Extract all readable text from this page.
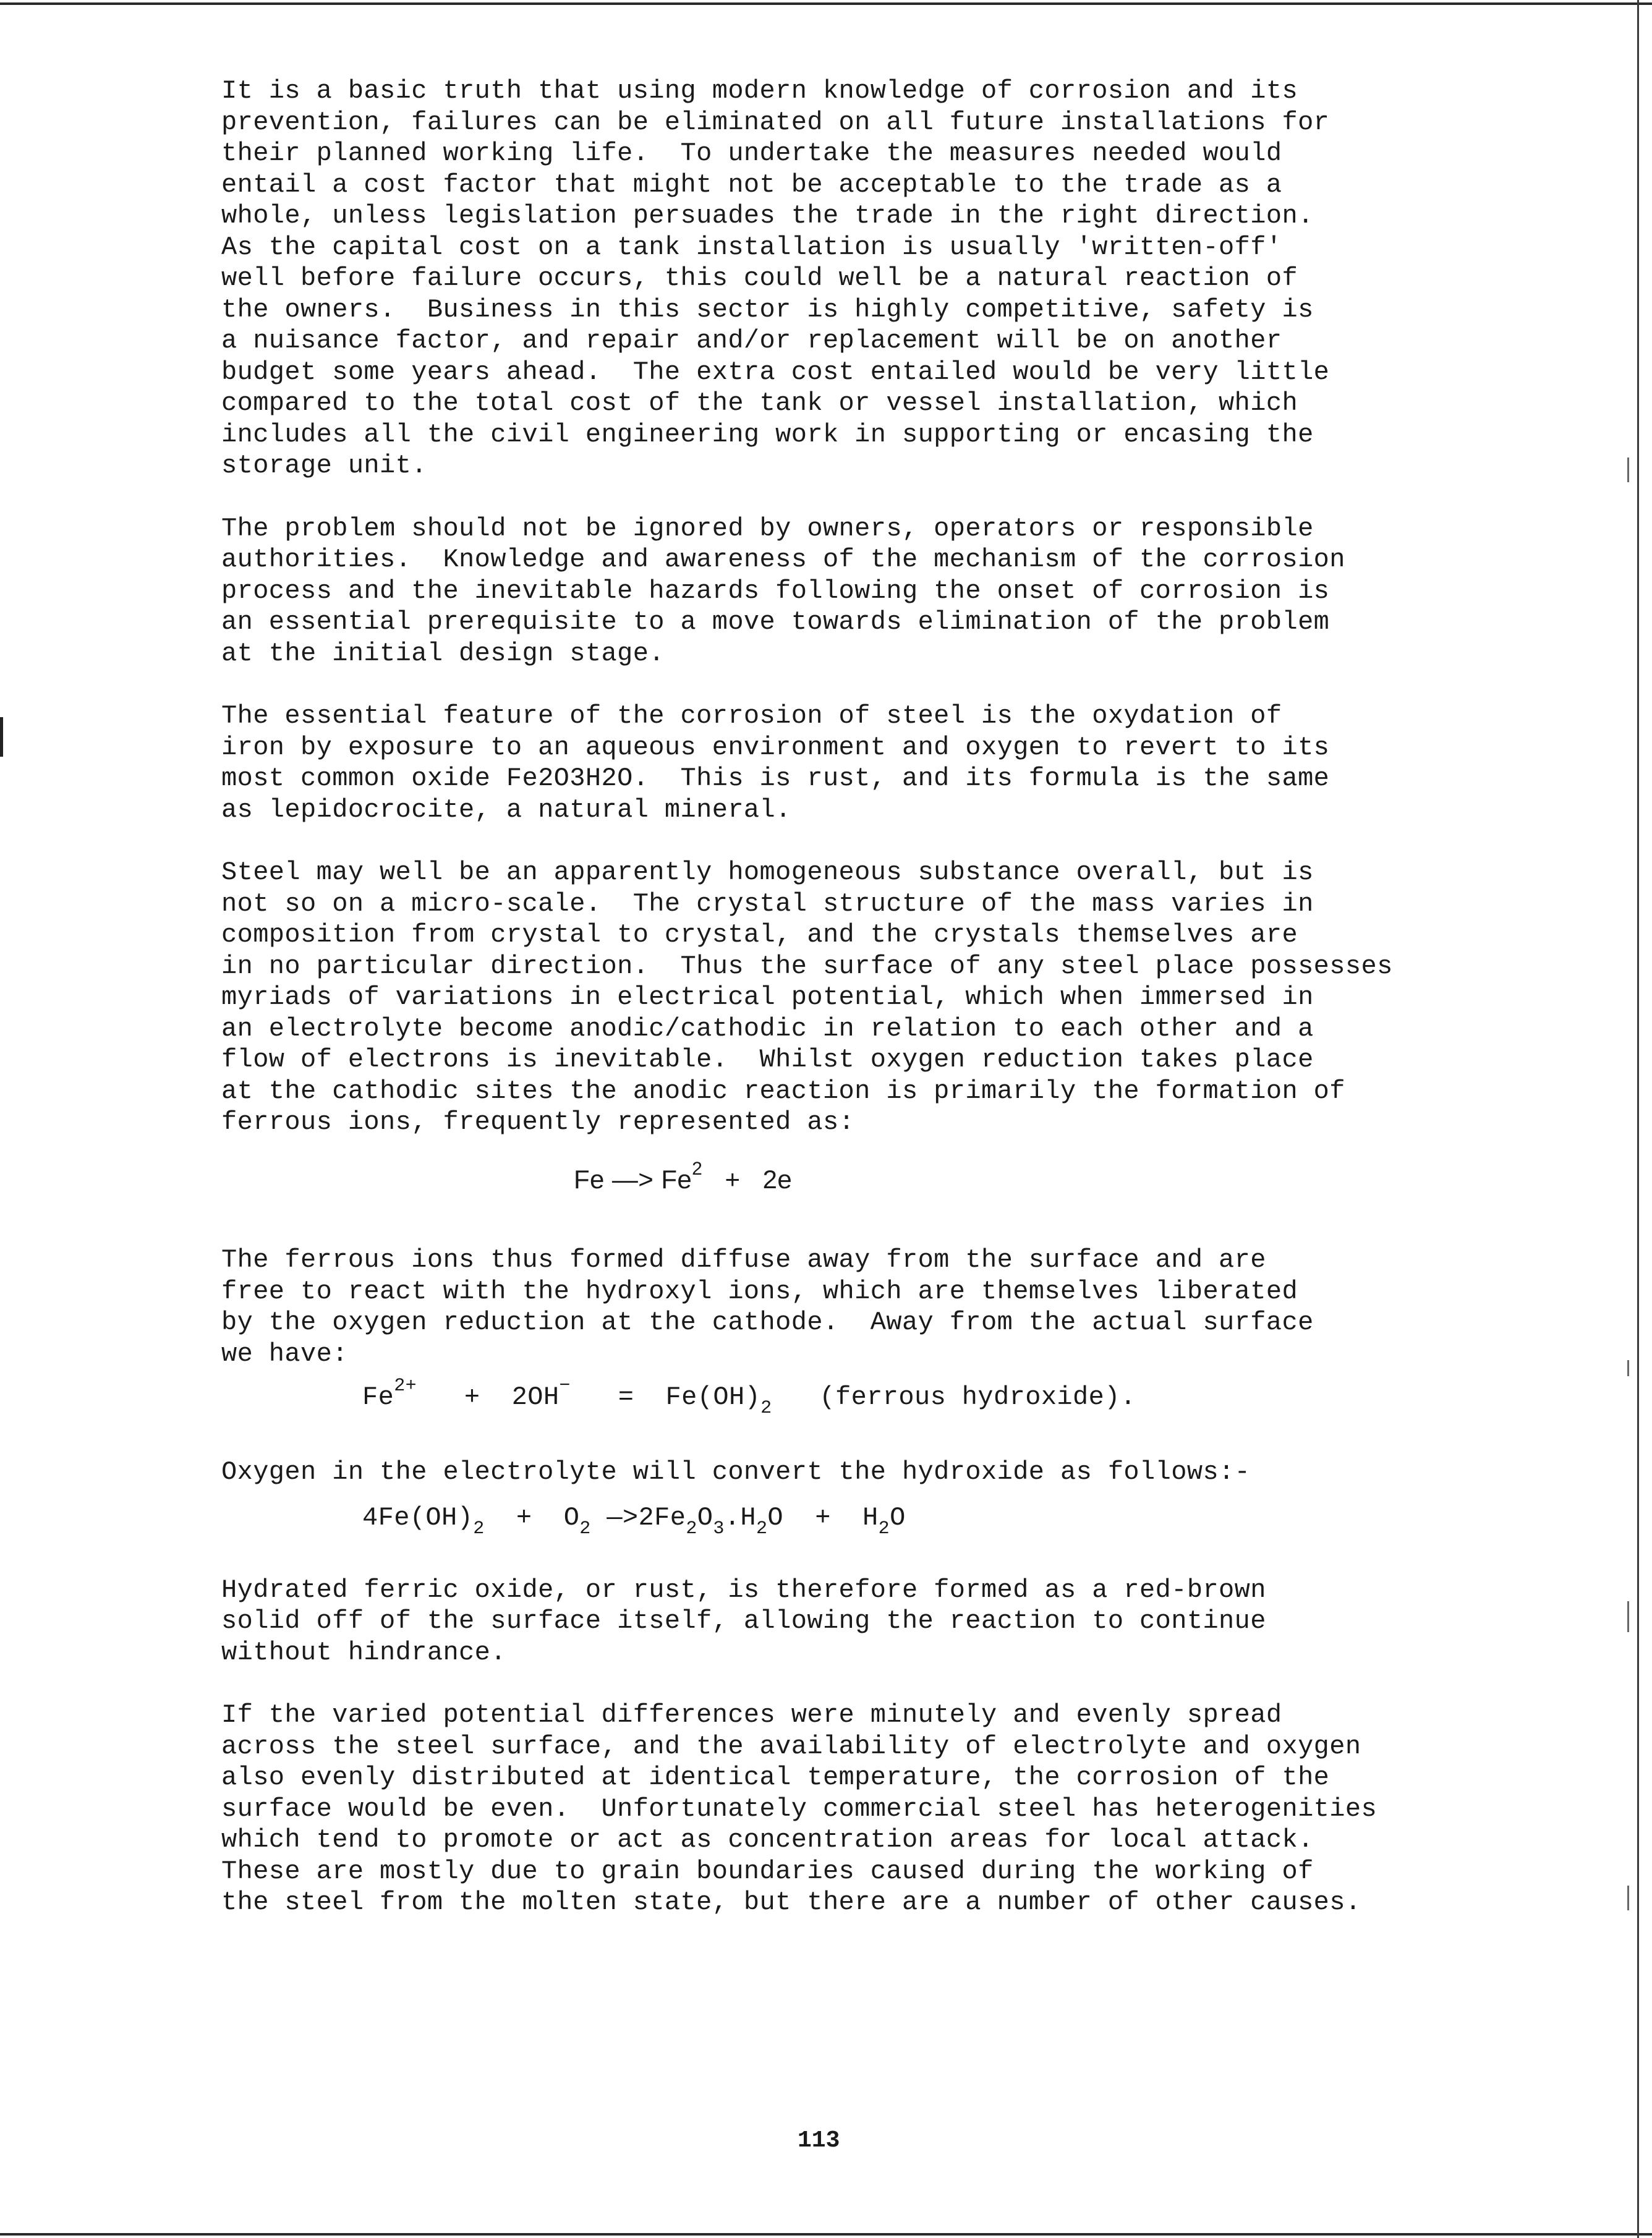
It is a basic truth that using modern knowledge of corrosion and its
prevention, failures can be eliminated on all future installations for
their planned working life.  To undertake the measures needed would
entail a cost factor that might not be acceptable to the trade as a
whole, unless legislation persuades the trade in the right direction.
As the capital cost on a tank installation is usually 'written-off'
well before failure occurs, this could well be a natural reaction of
the owners.  Business in this sector is highly competitive, safety is
a nuisance factor, and repair and/or replacement will be on another
budget some years ahead.  The extra cost entailed would be very little
compared to the total cost of the tank or vessel installation, which
includes all the civil engineering work in supporting or encasing the
storage unit.

The problem should not be ignored by owners, operators or responsible
authorities.  Knowledge and awareness of the mechanism of the corrosion
process and the inevitable hazards following the onset of corrosion is
an essential prerequisite to a move towards elimination of the problem
at the initial design stage.

The essential feature of the corrosion of steel is the oxydation of
iron by exposure to an aqueous environment and oxygen to revert to its
most common oxide Fe2O3H2O.  This is rust, and its formula is the same
as lepidocrocite, a natural mineral.

Steel may well be an apparently homogeneous substance overall, but is
not so on a micro-scale.  The crystal structure of the mass varies in
composition from crystal to crystal, and the crystals themselves are
in no particular direction.  Thus the surface of any steel place possesses
myriads of variations in electrical potential, which when immersed in
an electrolyte become anodic/cathodic in relation to each other and a
flow of electrons is inevitable.  Whilst oxygen reduction takes place
at the cathodic sites the anodic reaction is primarily the formation of
ferrous ions, frequently represented as:

Fe —> $Fe^2 + 2e$

The ferrous ions thus formed diffuse away from the surface and are
free to react with the hydroxyl ions, which are themselves liberated
by the oxygen reduction at the cathode.  Away from the actual surface
we have:

$Fe^{2+} + 2OH^- = Fe(OH)_2$ (ferrous hydroxide).

Oxygen in the electrolyte will convert the hydroxide as follows:-

$4Fe(OH)_2 + O_2$ $—>2Fe_2O_3.H_2O + H_2O$

Hydrated ferric oxide, or rust, is therefore formed as a red-brown
solid off of the surface itself, allowing the reaction to continue
without hindrance.

If the varied potential differences were minutely and evenly spread
across the steel surface, and the availability of electrolyte and oxygen
also evenly distributed at identical temperature, the corrosion of the
surface would be even.  Unfortunately commercial steel has heterogenities
which tend to promote or act as concentration areas for local attack.
These are mostly due to grain boundaries caused during the working of
the steel from the molten state, but there are a number of other causes.

113
